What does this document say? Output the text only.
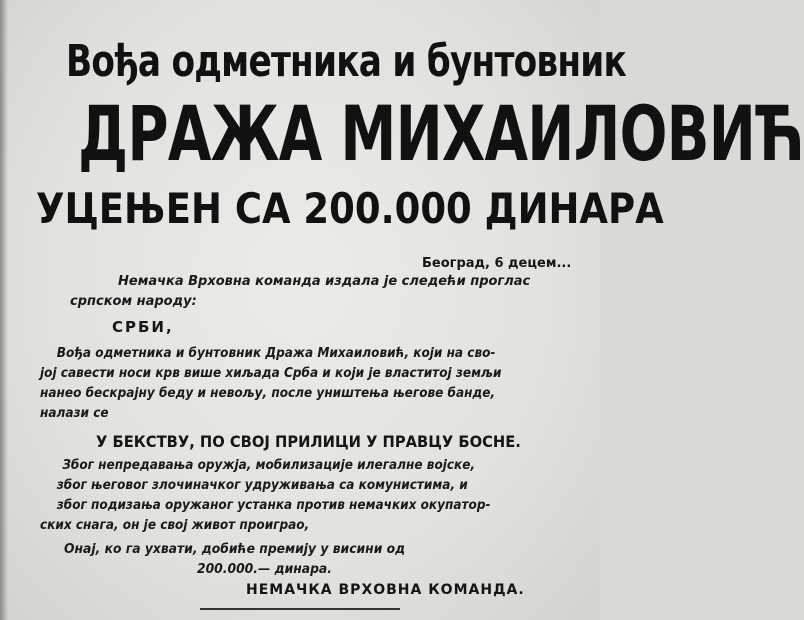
Вођа одметника и бунтовник
ДРАЖА МИХАИЛОВИЋ
УЦЕЊЕН СА 200.000 ДИНАРА
Београд, 6 децем...
Немачка Врховна команда издала је следећи проглас
српском народу:
СРБИ,
Вођа одметника и бунтовник Дража Михаиловић, који на сво-
јој савести носи крв више хиљада Срба и који је властитој земљи
нанео бескрајну беду и невољу, после уништења његове банде,
налази се
У БЕКСТВУ, ПО СВОЈ ПРИЛИЦИ У ПРАВЦУ БОСНЕ.
Због непредавања оружја, мобилизације илегалне војске,
због његовог злочиначког удруживања са комунистима, и
због подизања оружаног устанка против немачких окупатор-
ских снага, он је свој живот проиграо,
Онај, ко га ухвати, добиће премију у висини од
200.000.— динара.
НЕМАЧКА ВРХОВНА КОМАНДА.
